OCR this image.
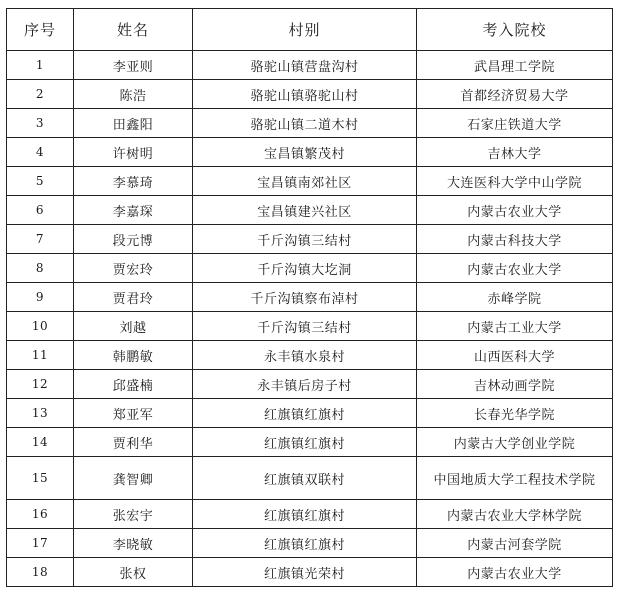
序号	姓名	村别	考入院校
1	李亚则	骆驼山镇营盘沟村	武昌理工学院
2	陈浩	骆驼山镇骆驼山村	首都经济贸易大学
3	田鑫阳	骆驼山镇二道木村	石家庄铁道大学
4	许树明	宝昌镇繁茂村	吉林大学
5	李慕琦	宝昌镇南郊社区	大连医科大学中山学院
6	李嘉琛	宝昌镇建兴社区	内蒙古农业大学
7	段元博	千斤沟镇三结村	内蒙古科技大学
8	贾宏玲	千斤沟镇大圪洞	内蒙古农业大学
9	贾君玲	千斤沟镇察布淖村	赤峰学院
10	刘越	千斤沟镇三结村	内蒙古工业大学
11	韩鹏敏	永丰镇水泉村	山西医科大学
12	邱盛楠	永丰镇后房子村	吉林动画学院
13	郑亚军	红旗镇红旗村	长春光华学院
14	贾利华	红旗镇红旗村	内蒙古大学创业学院
15	龚智卿	红旗镇双联村	中国地质大学工程技术学院
16	张宏宇	红旗镇红旗村	内蒙古农业大学林学院
17	李晓敏	红旗镇红旗村	内蒙古河套学院
18	张权	红旗镇光荣村	内蒙古农业大学
